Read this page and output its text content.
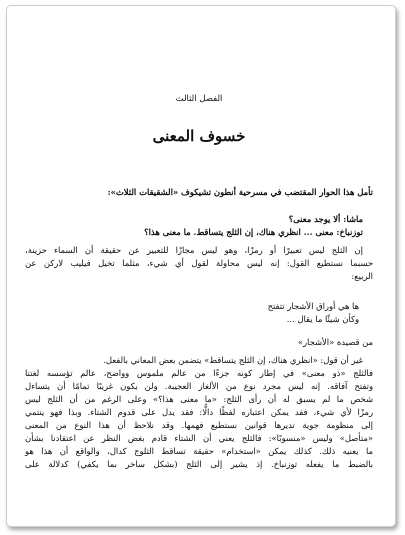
الفصل الثالث
خسوف المعنى
تأمل هذا الحوار المقتضب في مسرحية أنطون تشيكوف «الشقيقات الثلاث»:
ماشا: ألا يوجد معنى؟
توزنباخ: معنى ... انظري هناك، إن الثلج يتساقط. ما معنى هذا؟
إن الثلج ليس تعبيرًا أو رمزًا، وهو ليس مجازًا للتعبير عن حقيقة أن السماء حزينة،
حسبما نستطيع القول: إنه ليس محاولة لقول أي شيء، مثلما تخيل فيليب لاركن عن
الربيع:
ها هي أوراق الأشجار تتفتح
وكأن شيئًا ما يقال ...
من قصيدة «الأشجار»
غير أن قول: «انظري هناك، إن الثلج يتساقط» يتضمن بعض المعاني بالفعل.
فالثلج «ذو معنى» في إطار كونه جزءًا من عالم ملموس وواضح، عالم تؤسسه لغتنا
وتفتح آفاقه. إنه ليس مجرد نوع من الألغاز العجيبة. ولن يكون غريبًا تمامًا أن يتساءل
شخص ما لم يسبق له أن رأى الثلج: «ما معنى هذا؟» وعلى الرغم من أن الثلج ليس
رمزًا لأي شيء، فقد يمكن اعتباره لفظًا دالًّا: فقد يدل على قدوم الشتاء. وبذا فهو ينتمي
إلى منظومة جوية تديرها قوانين نستطيع فهمها. وقد نلاحظ أن هذا النوع من المعنى
«متأصل» وليس «منسوبًا»: فالثلج يعني أن الشتاء قادم بغض النظر عن اعتقادنا بشأن
ما يعنيه ذلك. كذلك يمكن «استخدام» حقيقة تساقط الثلوج كدال، والواقع أن هذا هو
بالضبط ما يفعله توزنباخ. إذ يشير إلى الثلج (بشكل ساخر بما يكفي) كدلالة على
